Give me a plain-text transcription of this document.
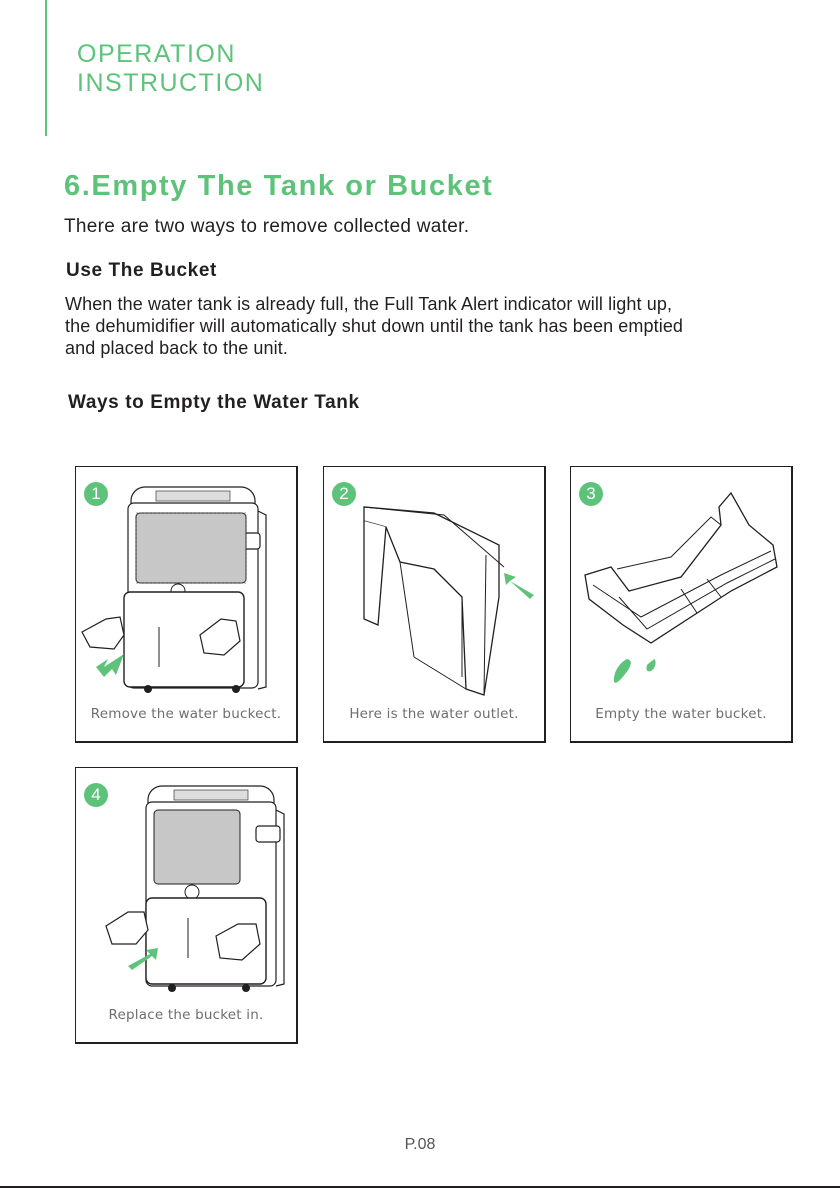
OPERATION
INSTRUCTION
6.Empty The Tank or Bucket
There are two ways to remove collected water.
Use The Bucket
When the water tank is already full, the Full Tank Alert indicator will light up,
the dehumidifier will automatically shut down until the tank has been emptied
and placed back to the unit.
Ways to Empty the Water Tank
1
Remove the water buckect.
2
Here is the water outlet.
3
Empty the water bucket.
4
Replace the bucket in.
P.08
